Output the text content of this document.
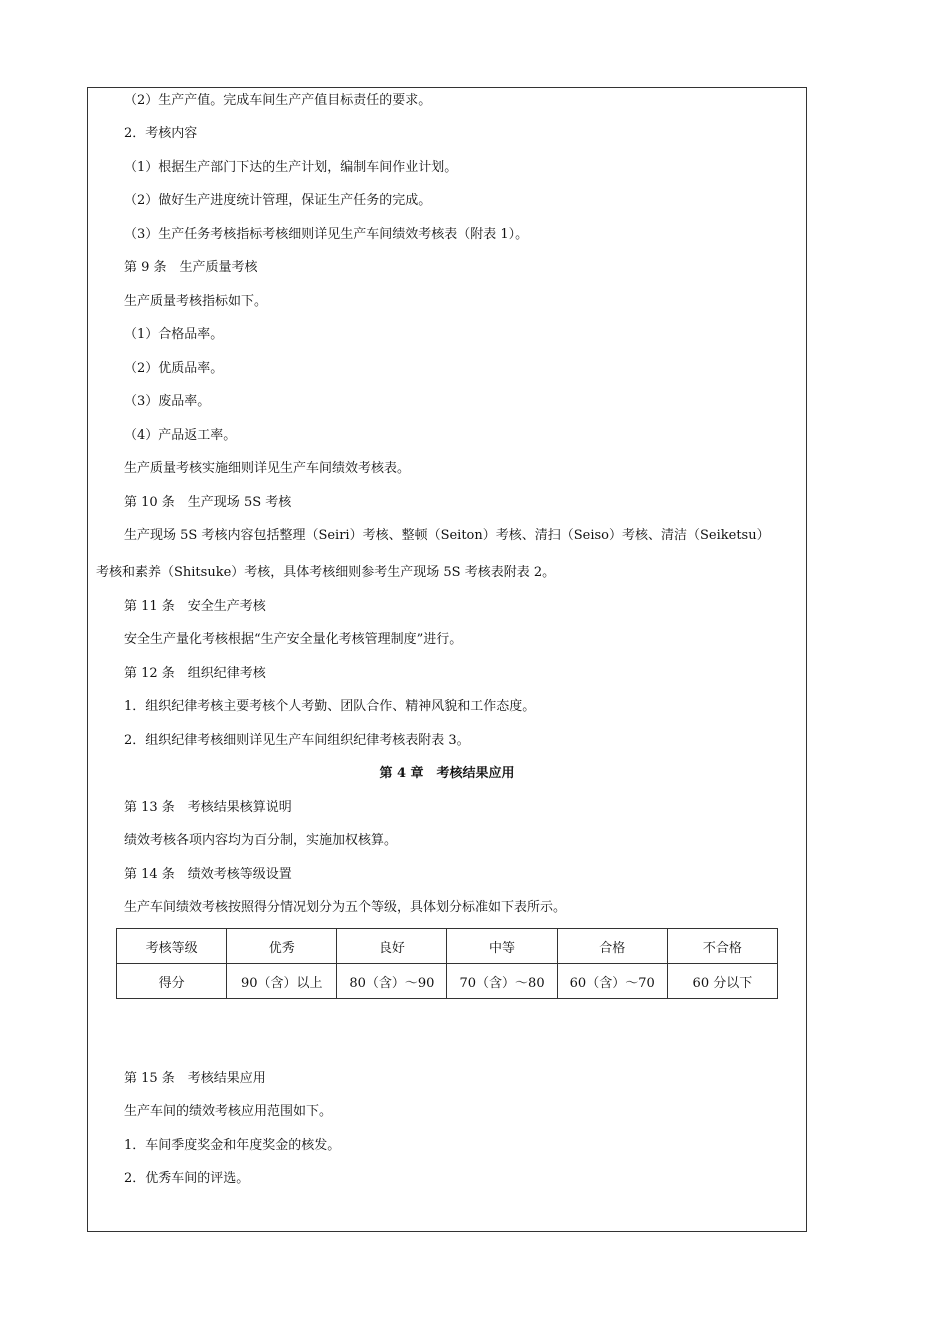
（2）生产产值。完成车间生产产值目标责任的要求。
2．考核内容
（1）根据生产部门下达的生产计划，编制车间作业计划。
（2）做好生产进度统计管理，保证生产任务的完成。
（3）生产任务考核指标考核细则详见生产车间绩效考核表（附表 1）。
第 9 条　生产质量考核
生产质量考核指标如下。
（1）合格品率。
（2）优质品率。
（3）废品率。
（4）产品返工率。
生产质量考核实施细则详见生产车间绩效考核表。
第 10 条　生产现场 5S 考核
生产现场 5S 考核内容包括整理（Seiri）考核、整顿（Seiton）考核、清扫（Seiso）考核、清洁（Seiketsu）
考核和素养（Shitsuke）考核，具体考核细则参考生产现场 5S 考核表附表 2。
第 11 条　安全生产考核
安全生产量化考核根据“生产安全量化考核管理制度”进行。
第 12 条　组织纪律考核
1．组织纪律考核主要考核个人考勤、团队合作、精神风貌和工作态度。
2．组织纪律考核细则详见生产车间组织纪律考核表附表 3。
第 4 章　考核结果应用
第 13 条　考核结果核算说明
绩效考核各项内容均为百分制，实施加权核算。
第 14 条　绩效考核等级设置
生产车间绩效考核按照得分情况划分为五个等级，具体划分标准如下表所示。
考核等级	优秀	良好	中等	合格	不合格
得分	90（含）以上	80（含）～90	70（含）～80	60（含）～70	60 分以下
第 15 条　考核结果应用
生产车间的绩效考核应用范围如下。
1．车间季度奖金和年度奖金的核发。
2．优秀车间的评选。
